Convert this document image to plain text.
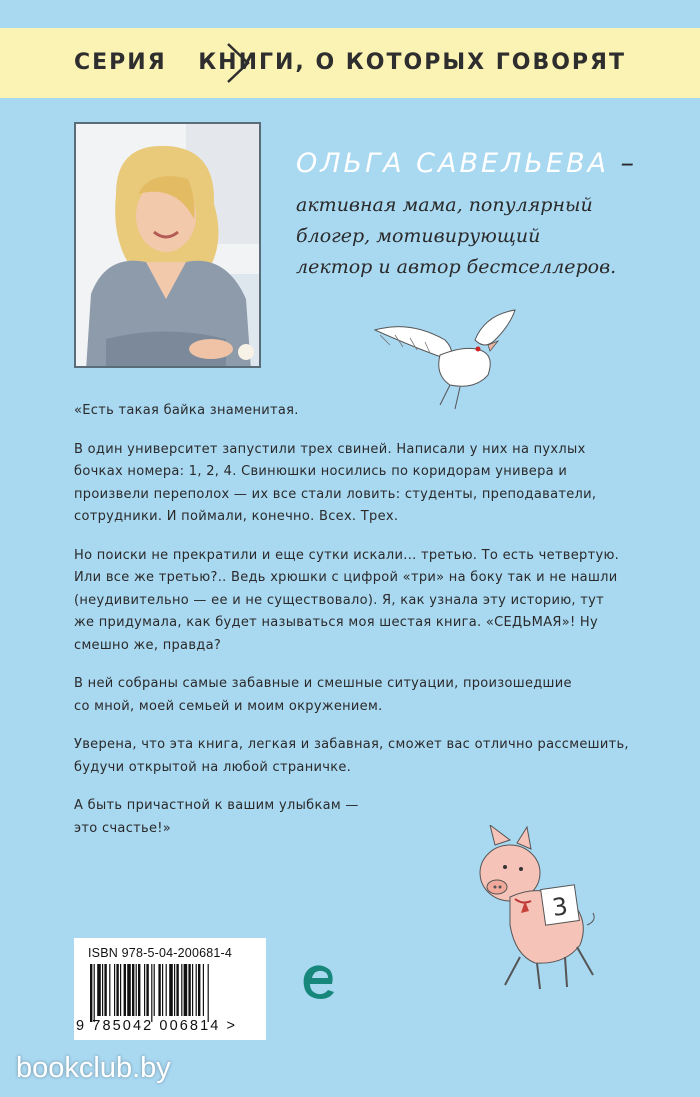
СЕРИЯ КНИГИ, О КОТОРЫХ ГОВОРЯТ
ОЛЬГА САВЕЛЬЕВА –
активная мама, популярный
блогер, мотивирующий
лектор и автор бестселлеров.

«Есть такая байка знаменитая.

В один университет запустили трех свиней. Написали у них на пухлых
бочках номера: 1, 2, 4. Свинюшки носились по коридорам универа и
произвели переполох — их все стали ловить: студенты, преподаватели,
сотрудники. И поймали, конечно. Всех. Трех.

Но поиски не прекратили и еще сутки искали... третью. То есть четвертую.
Или все же третью?.. Ведь хрюшки с цифрой «три» на боку так и не нашли
(неудивительно — ее и не существовало). Я, как узнала эту историю, тут
же придумала, как будет называться моя шестая книга. «СЕДЬМАЯ»! Ну
смешно же, правда?

В ней собраны самые забавные и смешные ситуации, произошедшие
со мной, моей семьей и моим окружением.

Уверена, что эта книга, легкая и забавная, сможет вас отлично рассмешить,
будучи открытой на любой страничке.

А быть причастной к вашим улыбкам —
это счастье!»

3
ISBN 978-5-04-200681-4
9 785042 006814 >
bookclub.by
